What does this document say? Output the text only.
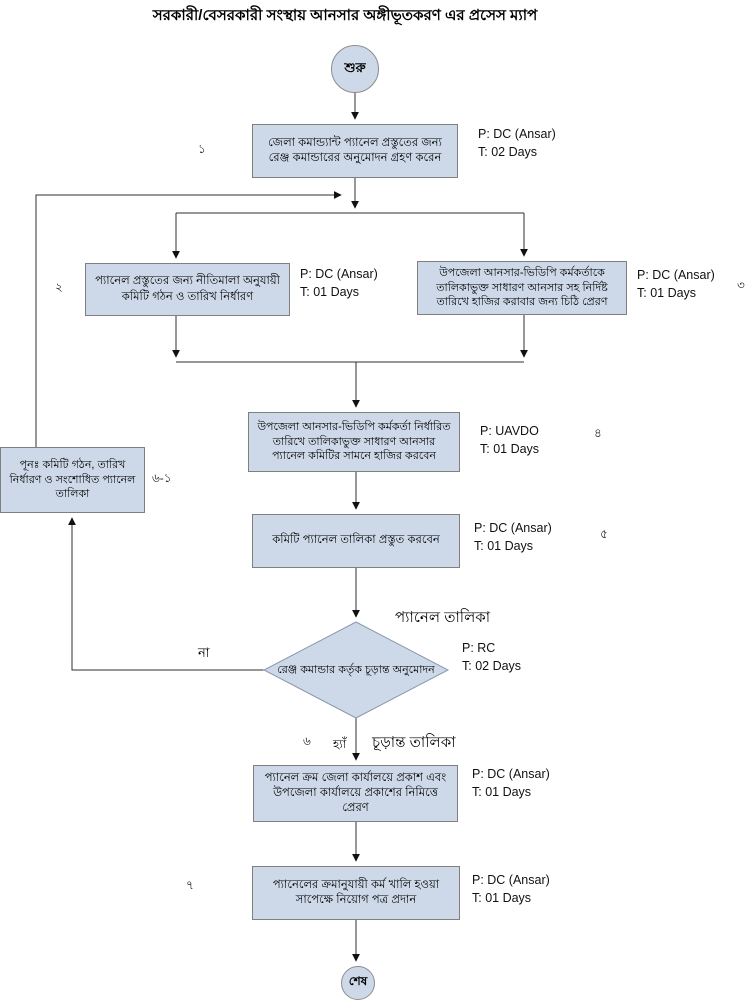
সরকারী/বেসরকারী সংস্থায় আনসার অঙ্গীভূতকরণ এর প্রসেস ম্যাপ
শুরু
শেষ
জেলা কমান্ড্যান্ট প্যানেল প্রস্তুতের জন্য রেঞ্জ কমান্ডারের অনুমোদন গ্রহণ করেন
১
P: DC (Ansar)
T: 02 Days
প্যানেল প্রস্তুতের জন্য নীতিমালা অনুযায়ী কমিটি গঠন ও তারিখ নির্ধারণ
২
P: DC (Ansar)
T: 01 Days
উপজেলা আনসার-ভিডিপি কর্মকর্তাকে তালিকাভুক্ত সাধারণ আনসার সহ নির্দিষ্ট তারিখে হাজির করাবার জন্য চিঠি প্রেরণ
৩
P: DC (Ansar)
T: 01 Days
উপজেলা আনসার-ভিডিপি কর্মকর্তা নির্ধারিত তারিখে তালিকাভুক্ত সাধারণ আনসার প্যানেল কমিটির সামনে হাজির করবেন
৪
P: UAVDO
T: 01 Days
কমিটি প্যানেল তালিকা প্রস্তুত করবেন	৫
P: DC (Ansar)
T: 01 Days
পূনঃ কমিটি গঠন, তারিখ নির্ধারণ ও সংশোধিত প্যানেল তালিকা
৬-১
রেঞ্জ কমান্ডার কর্তৃক চূড়ান্ত অনুমোদন
P: RC
T: 02 Days
প্যানেল তালিকা
না
৬ হ্যাঁ চূড়ান্ত তালিকা
প্যানেল ক্রম জেলা কার্যালয়ে প্রকাশ এবং উপজেলা কার্যালয়ে প্রকাশের নিমিত্তে প্রেরণ
P: DC (Ansar)
T: 01 Days
প্যানেলের ক্রমানুযায়ী কর্ম খালি হওয়া সাপেক্ষে নিয়োগ পত্র প্রদান
৭	P: DC (Ansar)
T: 01 Days
